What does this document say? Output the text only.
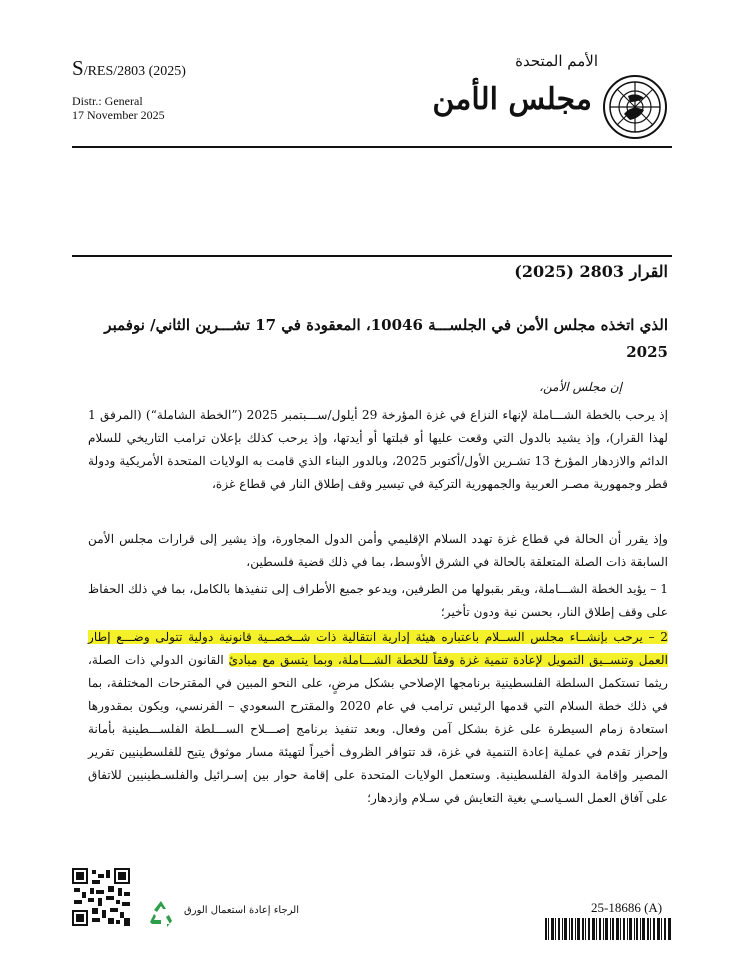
S/RES/2803 (2025)
الأمم المتحدة
مجلس الأمن
Distr.: General
17 November 2025
القرار 2803 (2025)
الذي اتخذه مجلس الأمن في الجلســـة 10046، المعقودة في 17 تشـــرين الثاني/ نوفمبر 2025
إن مجلس الأمن،
إذ يرحب بالخطة الشـــاملة لإنهاء النزاع في غزة المؤرخة 29 أيلول/ســـبتمبر 2025 (”الخطة الشاملة“) (المرفق 1 لهذا القرار)، وإذ يشيد بالدول التي وقعت عليها أو قبلتها أو أيدتها، وإذ يرحب كذلك بإعلان ترامب التاريخي للسلام الدائم والازدهار المؤرخ 13 تشـرين الأول/أكتوبر 2025، وبالدور البناء الذي قامت به الولايات المتحدة الأمريكية ودولة قطر وجمهورية مصـر العربية والجمهورية التركية في تيسير وقف إطلاق النار في قطاع غزة،
وإذ يقرر أن الحالة في قطاع غزة تهدد السلام الإقليمي وأمن الدول المجاورة، وإذ يشير إلى قرارات مجلس الأمن السابقة ذات الصلة المتعلقة بالحالة في الشرق الأوسط، بما في ذلك قضية فلسطين،
1 – يؤيد الخطة الشـــاملة، ويقر بقبولها من الطرفين، ويدعو جميع الأطراف إلى تنفيذها بالكامل، بما في ذلك الحفاظ على وقف إطلاق النار، بحسن نية ودون تأخير؛
2 – يرحب بإنشــاء مجلس الســلام باعتباره هيئة إدارية انتقالية ذات شــخصــية قانونية دولية تتولى وضـــع إطار العمل وتنســيق التمويل لإعادة تنمية غزة وفقاً للخطة الشـــاملة، وبما يتسق مع مبادئ القانون الدولي ذات الصلة، ريثما تستكمل السلطة الفلسطينية برنامجها الإصلاحي بشكل مرضٍ، على النحو المبين في المقترحات المختلفة، بما في ذلك خطة السلام التي قدمها الرئيس ترامب في عام 2020 والمقترح السعودي – الفرنسي، ويكون بمقدورها استعادة زمام السيطرة على غزة بشكل آمن وفعال. وبعد تنفيذ برنامج إصـــلاح الســـلطة الفلســـطينية بأمانة وإحراز تقدم في عملية إعادة التنمية في غزة، قد تتوافر الظروف أخيراً لتهيئة مسار موثوق يتيح للفلسطينيين تقرير المصير وإقامة الدولة الفلسطينية. وستعمل الولايات المتحدة على إقامة حوار بين إسـرائيل والفلسـطينيين للاتفاق على آفاق العمل السـياسـي بغية التعايش في سـلام وازدهار؛
الرجاء إعادة استعمال الورق	25-18686 (A)
